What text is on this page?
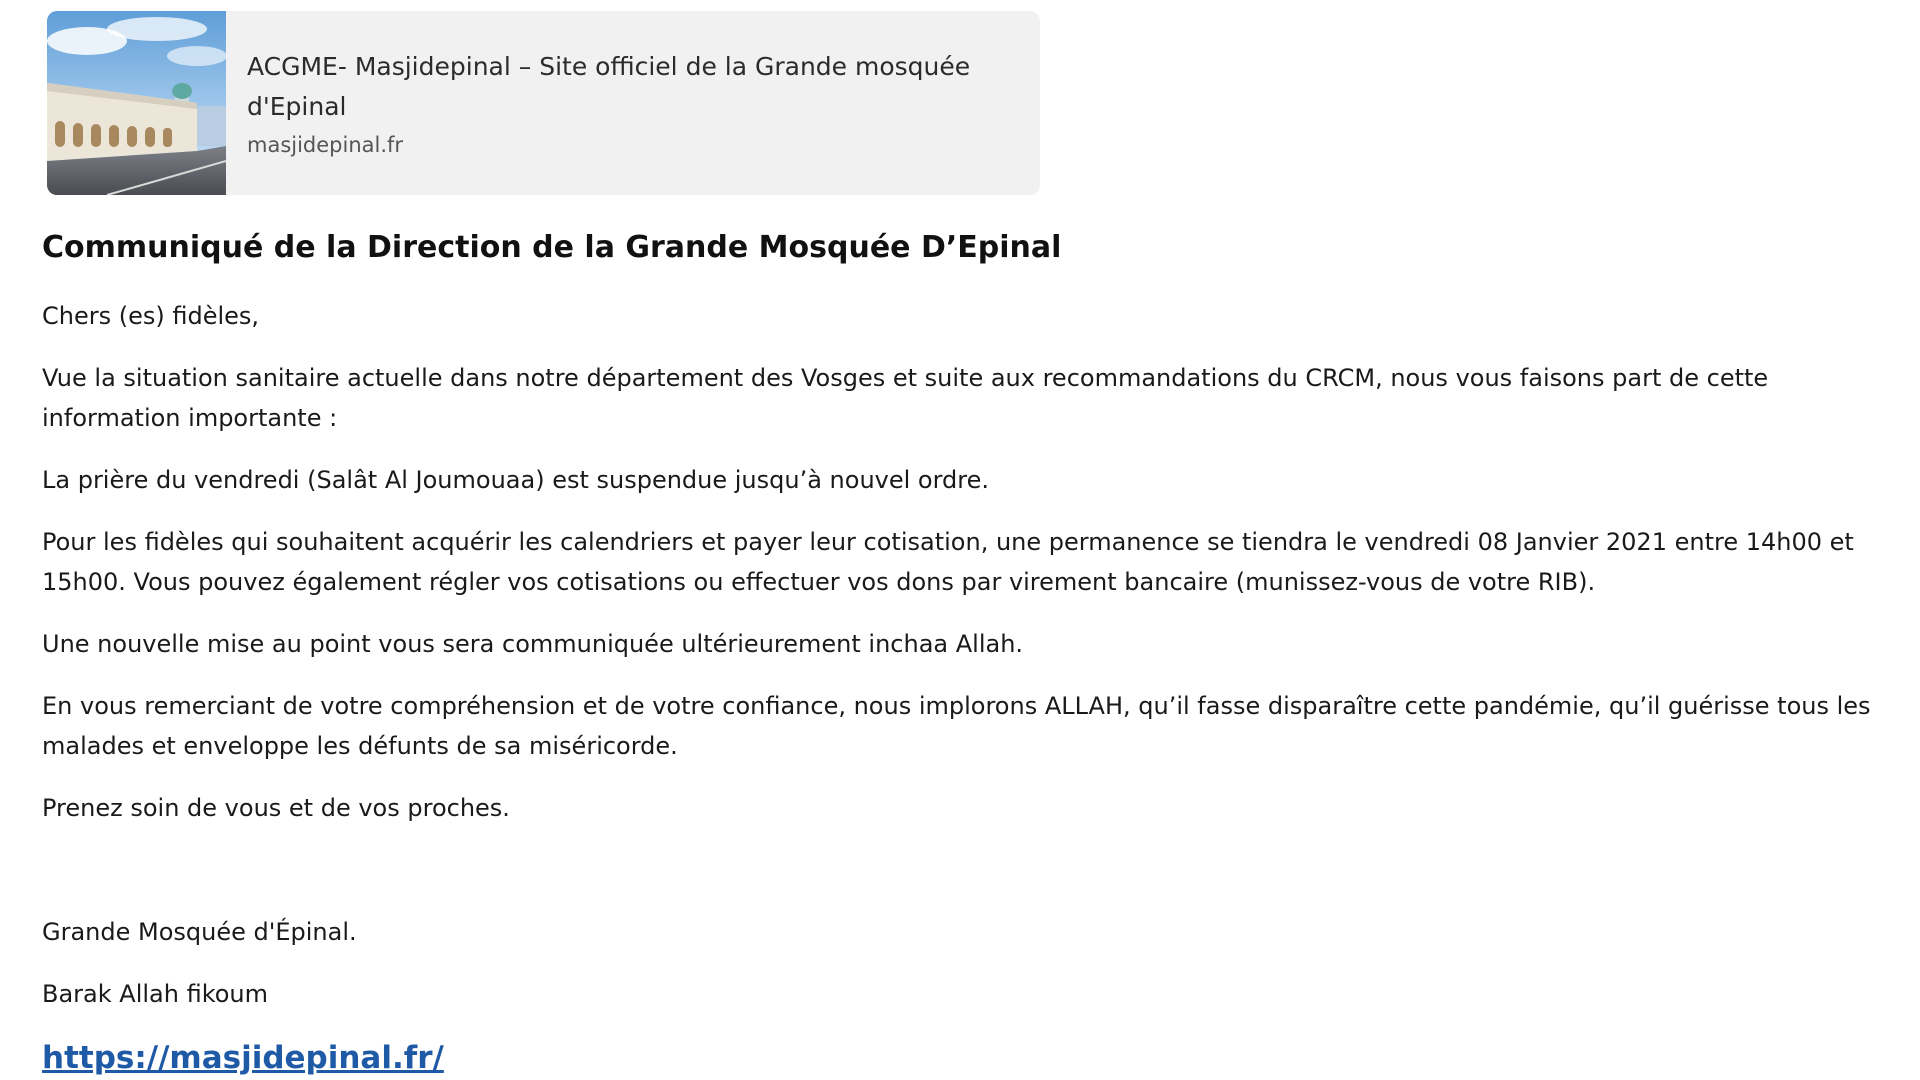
ACGME- Masjidepinal – Site officiel de la Grande mosquée d'Epinal
masjidepinal.fr
Communiqué de la Direction de la Grande Mosquée D’Epinal

Chers (es) fidèles,

Vue la situation sanitaire actuelle dans notre département des Vosges et suite aux recommandations du CRCM, nous vous faisons part de cette information importante :

La prière du vendredi (Salât Al Joumouaa) est suspendue jusqu’à nouvel ordre.

Pour les fidèles qui souhaitent acquérir les calendriers et payer leur cotisation, une permanence se tiendra le vendredi 08 Janvier 2021 entre 14h00 et 15h00. Vous pouvez également régler vos cotisations ou effectuer vos dons par virement bancaire (munissez-vous de votre RIB).

Une nouvelle mise au point vous sera communiquée ultérieurement inchaa Allah.

En vous remerciant de votre compréhension et de votre confiance, nous implorons ALLAH, qu’il fasse disparaître cette pandémie, qu’il guérisse tous les malades et enveloppe les défunts de sa miséricorde.

Prenez soin de vous et de vos proches.

Grande Mosquée d'Épinal.

Barak Allah fikoum

https://masjidepinal.fr/
